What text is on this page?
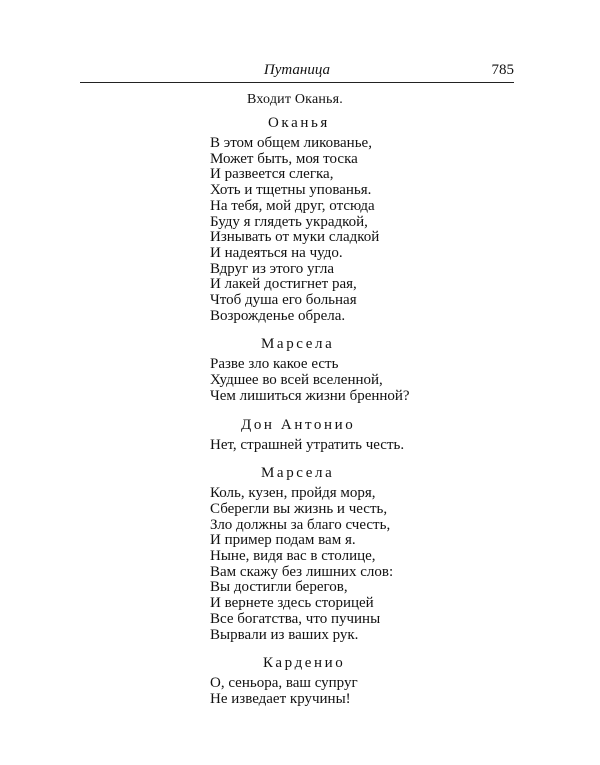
Путаница	785
Входит Оканья.
Оканья
В этом общем ликованье,
Может быть, моя тоска
И развеется слегка,
Хоть и тщетны упованья.
На тебя, мой друг, отсюда
Буду я глядеть украдкой,
Изнывать от муки сладкой
И надеяться на чудо.
Вдруг из этого угла
И лакей достигнет рая,
Чтоб душа его больная
Возрожденье обрела.
Марсела
Разве зло какое есть
Худшее во всей вселенной,
Чем лишиться жизни бренной?
Дон Антонио
Нет, страшней утратить честь.
Марсела
Коль, кузен, пройдя моря,
Сберегли вы жизнь и честь,
Зло должны за благо счесть,
И пример подам вам я.
Ныне, видя вас в столице,
Вам скажу без лишних слов:
Вы достигли берегов,
И вернете здесь сторицей
Все богатства, что пучины
Вырвали из ваших рук.
Карденио
О, сеньора, ваш супруг
Не изведает кручины!
